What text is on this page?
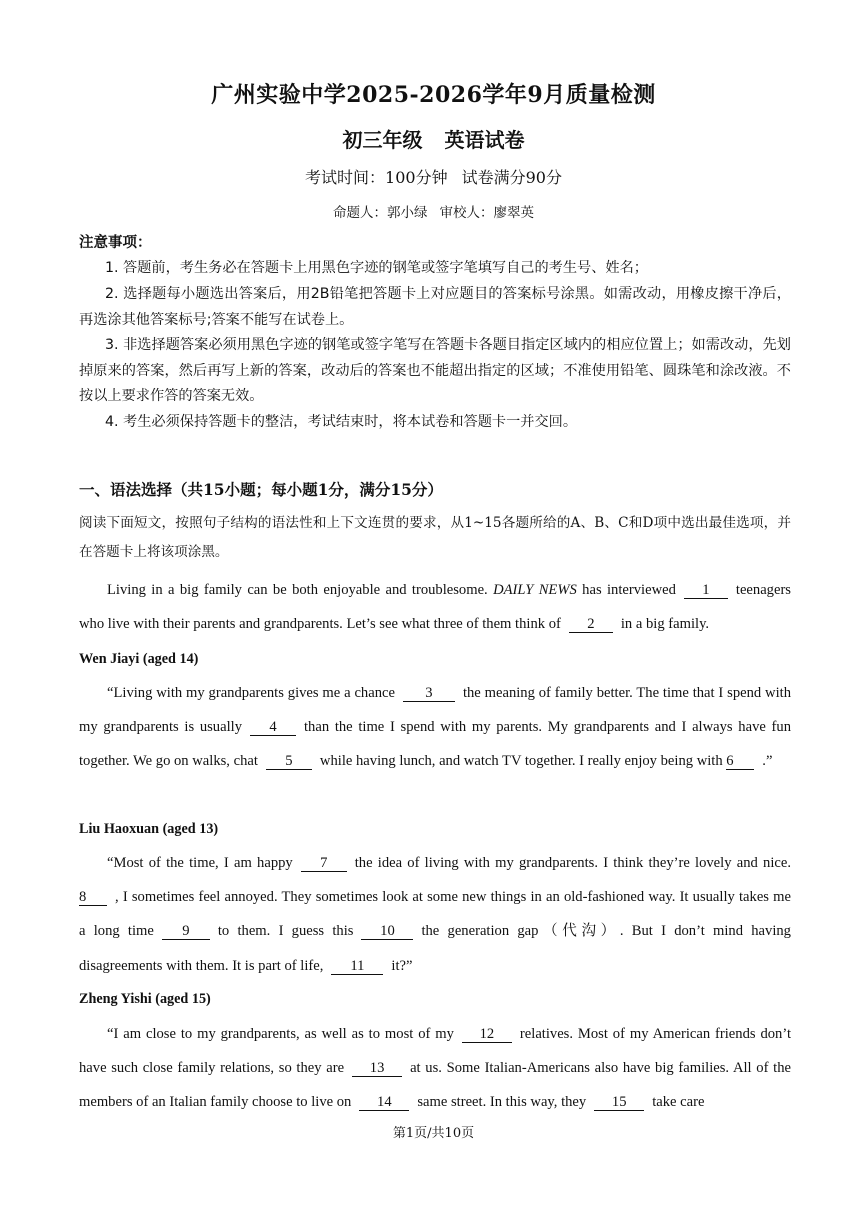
广州实验中学2025-2026学年9月质量检测
初三年级 英语试卷
考试时间：100分钟 试卷满分90分
命题人：郭小绿 审校人：廖翠英
注意事项：
1. 答题前，考生务必在答题卡上用黑色字迹的钢笔或签字笔填写自己的考生号、姓名；
2. 选择题每小题选出答案后，用2B铅笔把答题卡上对应题目的答案标号涂黑。如需改动，用橡皮擦干净后，再选涂其他答案标号;答案不能写在试卷上。
3. 非选择题答案必须用黑色字迹的钢笔或签字笔写在答题卡各题目指定区域内的相应位置上；如需改动，先划掉原来的答案，然后再写上新的答案，改动后的答案也不能超出指定的区域；不准使用铅笔、圆珠笔和涂改液。不按以上要求作答的答案无效。
4. 考生必须保持答题卡的整洁，考试结束时，将本试卷和答题卡一并交回。
一、语法选择（共15小题；每小题1分，满分15分）
阅读下面短文，按照句子结构的语法性和上下文连贯的要求，从1~15各题所给的A、B、C和D项中选出最佳选项，并在答题卡上将该项涂黑。
Living in a big family can be both enjoyable and troublesome. DAILY NEWS has interviewed 1 teenagers who live with their parents and grandparents. Let’s see what three of them think of 2 in a big family.
Wen Jiayi (aged 14)
“Living with my grandparents gives me a chance 3 the meaning of family better. The time that I spend with my grandparents is usually 4 than the time I spend with my parents. My grandparents and I always have fun together. We go on walks, chat 5 while having lunch, and watch TV together. I really enjoy being with 6 .”
Liu Haoxuan (aged 13)
“Most of the time, I am happy 7 the idea of living with my grandparents. I think they’re lovely and nice. 8 , I sometimes feel annoyed. They sometimes look at some new things in an old-fashioned way. It usually takes me a long time 9 to them. I guess this 10 the generation gap（代沟）. But I don’t mind having disagreements with them. It is part of life, 11 it?”
Zheng Yishi (aged 15)
“I am close to my grandparents, as well as to most of my 12 relatives. Most of my American friends don’t have such close family relations, so they are 13 at us. Some Italian-Americans also have big families. All of the members of an Italian family choose to live on 14 same street. In this way, they 15 take care
第1页/共10页
